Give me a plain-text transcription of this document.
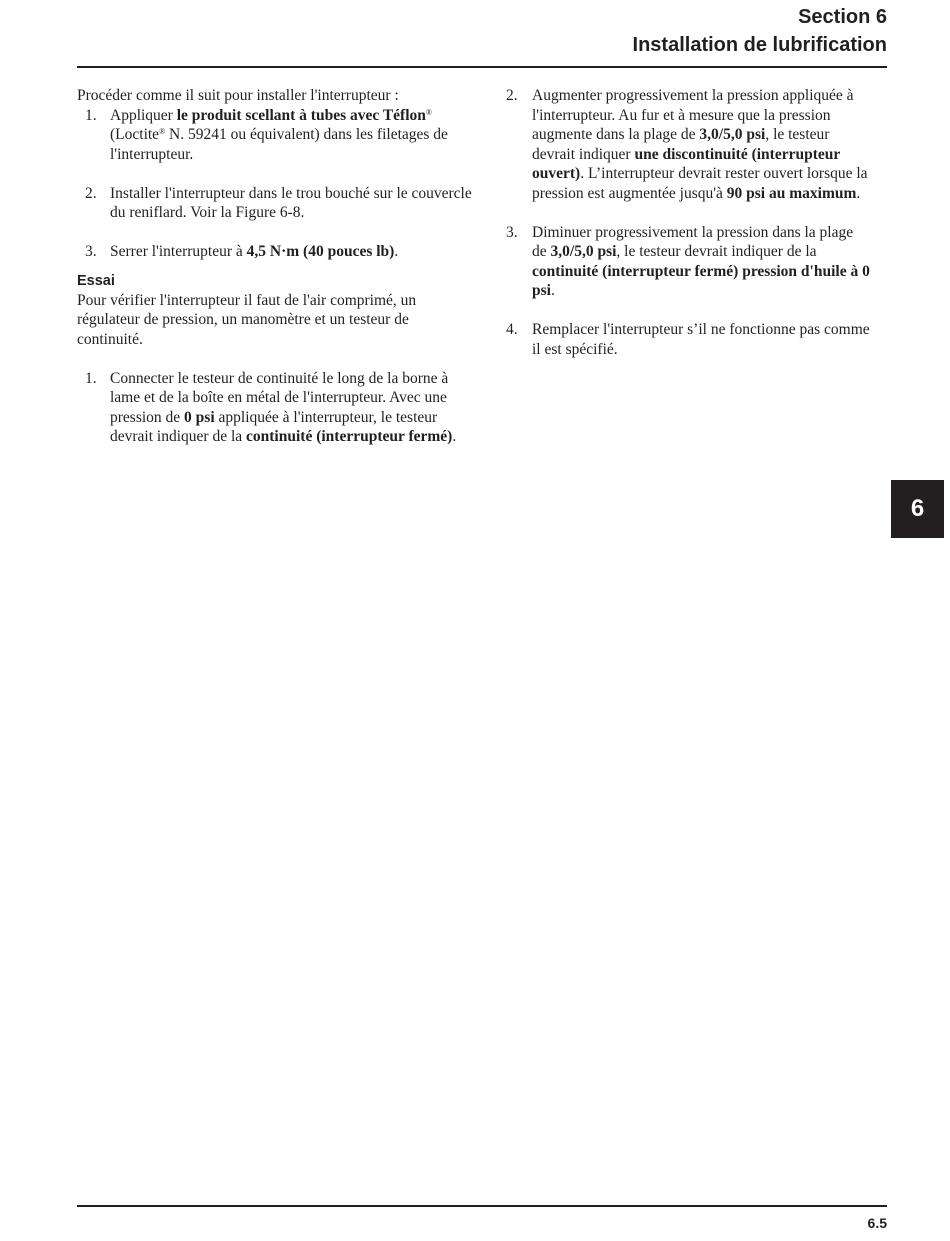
Section 6
Installation de lubrification

Procéder comme il suit pour installer l'interrupteur :

1. Appliquer le produit scellant à tubes avec Téflon® (Loctite® N. 59241 ou équivalent) dans les filetages de l'interrupteur.
2. Installer l'interrupteur dans le trou bouché sur le couvercle du reniflard. Voir la Figure 6-8.
3. Serrer l'interrupteur à 4,5 N·m (40 pouces lb).

Essai

Pour vérifier l'interrupteur il faut de l'air comprimé, un régulateur de pression, un manomètre et un testeur de continuité.

1. Connecter le testeur de continuité le long de la borne à lame et de la boîte en métal de l'interrupteur. Avec une pression de 0 psi appliquée à l'interrupteur, le testeur devrait indiquer de la continuité (interrupteur fermé).
2. Augmenter progressivement la pression appliquée à l'interrupteur. Au fur et à mesure que la pression augmente dans la plage de 3,0/5,0 psi, le testeur devrait indiquer une discontinuité (interrupteur ouvert). L’interrupteur devrait rester ouvert lorsque la pression est augmentée jusqu'à 90 psi au maximum.
3. Diminuer progressivement la pression dans la plage de 3,0/5,0 psi, le testeur devrait indiquer de la continuité (interrupteur fermé) pression d'huile à 0 psi.
4. Remplacer l'interrupteur s’il ne fonctionne pas comme il est spécifié.
6
6.5
